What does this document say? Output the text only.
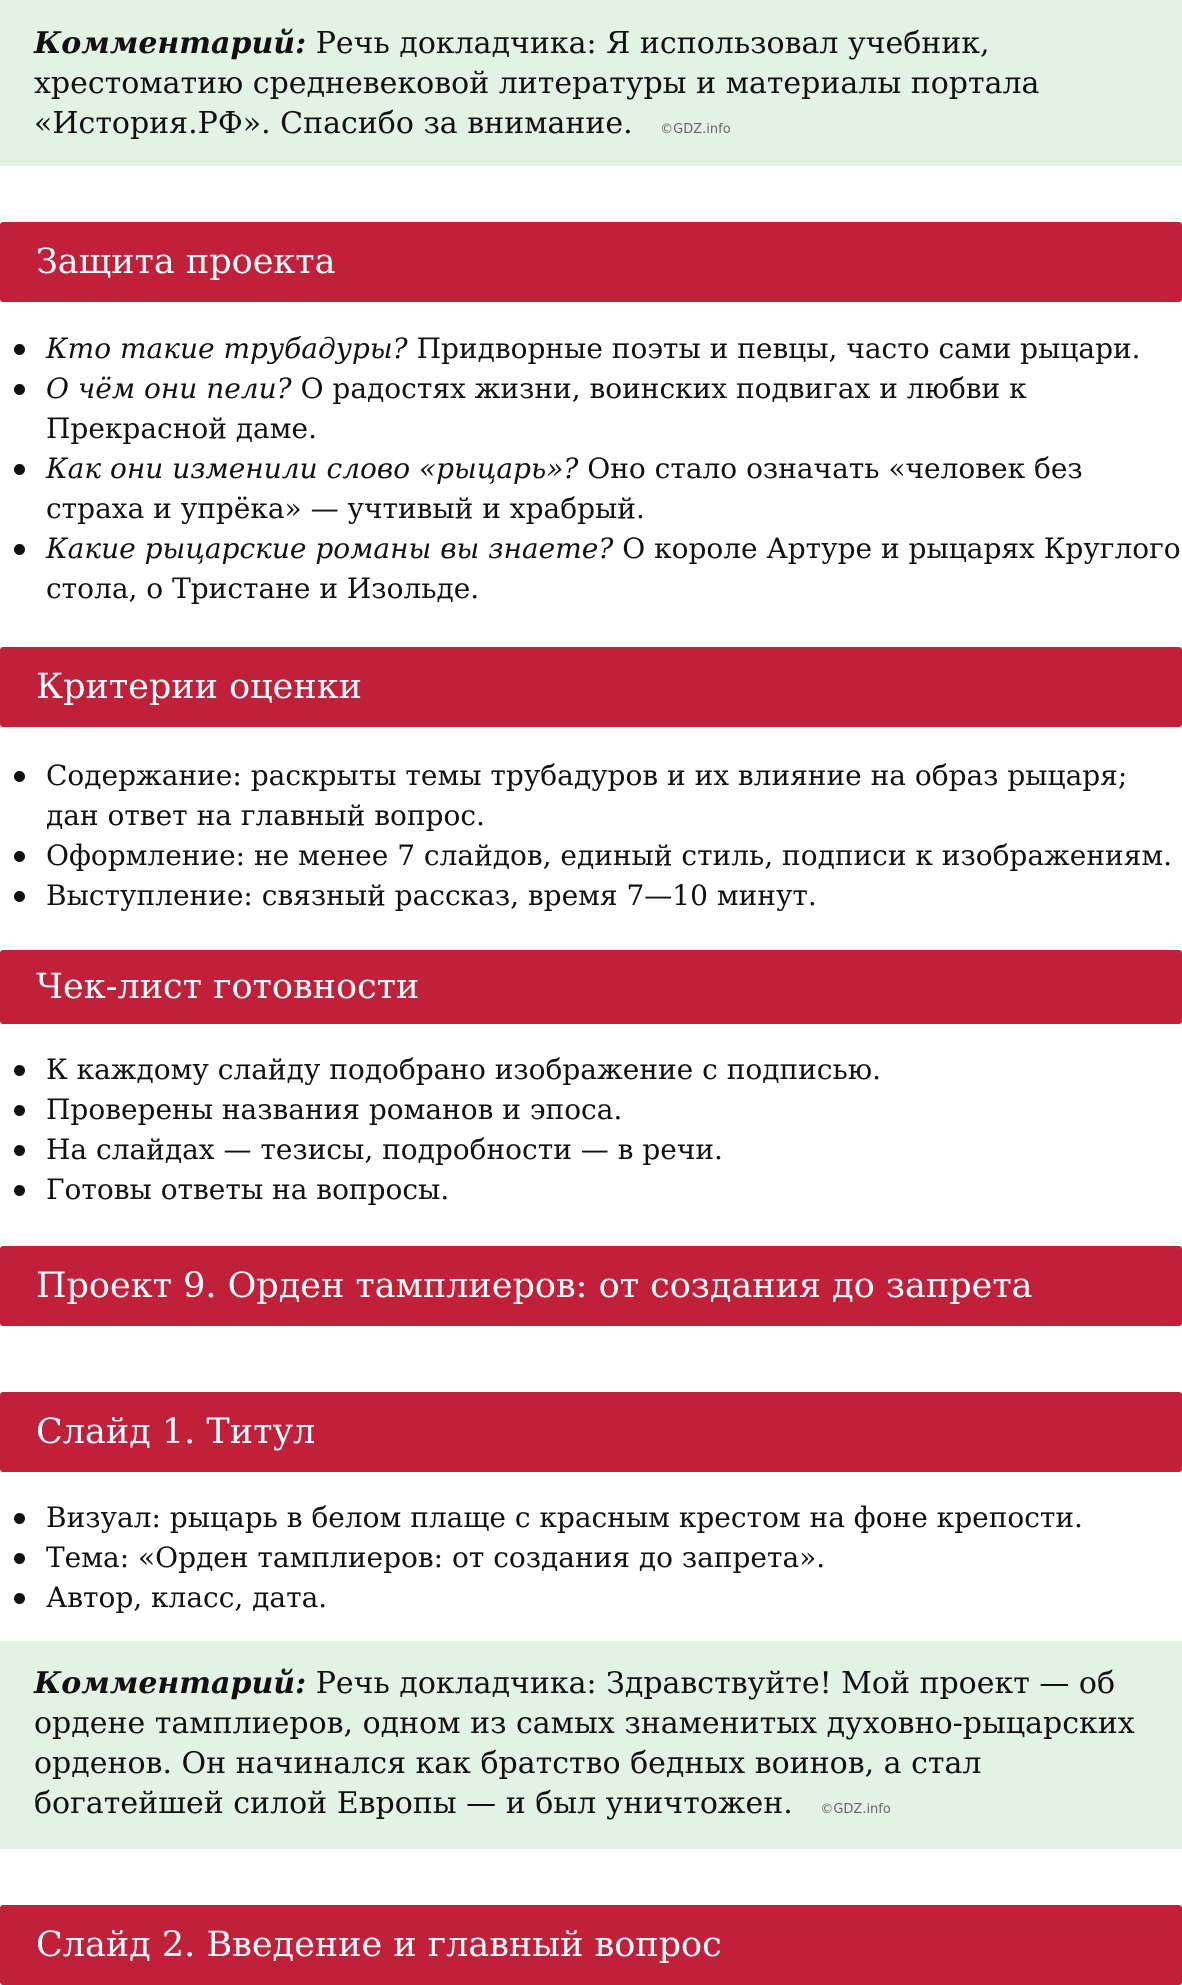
Комментарий: Речь докладчика: Я использовал учебник, хрестоматию средневековой литературы и материалы портала «История.РФ». Спасибо за внимание. ©GDZ.info
Защита проекта
Кто такие трубадуры? Придворные поэты и певцы, часто сами рыцари.
О чём они пели? О радостях жизни, воинских подвигах и любви к Прекрасной даме.
Как они изменили слово «рыцарь»? Оно стало означать «человек без страха и упрёка» — учтивый и храбрый.
Какие рыцарские романы вы знаете? О короле Артуре и рыцарях Круглого стола, о Тристане и Изольде.
Критерии оценки
Содержание: раскрыты темы трубадуров и их влияние на образ рыцаря; дан ответ на главный вопрос.
Оформление: не менее 7 слайдов, единый стиль, подписи к изображениям.
Выступление: связный рассказ, время 7—10 минут.
Чек-лист готовности
К каждому слайду подобрано изображение с подписью.
Проверены названия романов и эпоса.
На слайдах — тезисы, подробности — в речи.
Готовы ответы на вопросы.
Проект 9. Орден тамплиеров: от создания до запрета
Слайд 1. Титул
Визуал: рыцарь в белом плаще с красным крестом на фоне крепости.
Тема: «Орден тамплиеров: от создания до запрета».
Автор, класс, дата.
Комментарий: Речь докладчика: Здравствуйте! Мой проект — об ордене тамплиеров, одном из самых знаменитых духовно-рыцарских орденов. Он начинался как братство бедных воинов, а стал богатейшей силой Европы — и был уничтожен. ©GDZ.info
Слайд 2. Введение и главный вопрос
